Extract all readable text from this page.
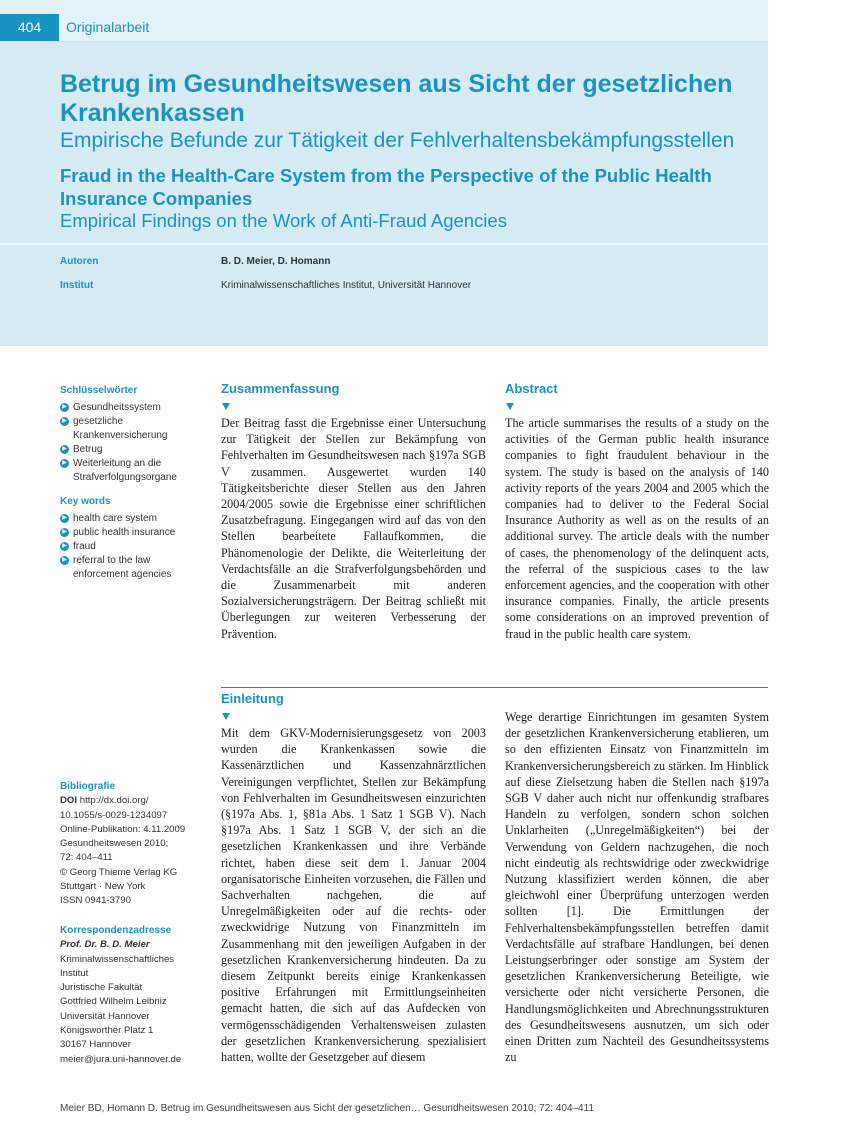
404	Originalarbeit
Betrug im Gesundheitswesen aus Sicht der gesetzlichen Krankenkassen
Empirische Befunde zur Tätigkeit der Fehlverhaltensbekämpfungsstellen
Fraud in the Health-Care System from the Perspective of the Public Health Insurance Companies
Empirical Findings on the Work of Anti-Fraud Agencies
Autoren	B. D. Meier, D. Homann
Institut	Kriminalwissenschaftliches Institut, Universität Hannover
Schlüsselwörter
▶ Gesundheitssystem
▶ gesetzliche Krankenversicherung
▶ Betrug
▶ Weiterleitung an die Strafverfolgungsorgane
Key words
▶ health care system
▶ public health insurance
▶ fraud
▶ referral to the law enforcement agencies
Zusammenfassung
Der Beitrag fasst die Ergebnisse einer Untersuchung zur Tätigkeit der Stellen zur Bekämpfung von Fehlverhalten im Gesundheitswesen nach §197a SGB V zusammen. Ausgewertet wurden 140 Tätigkeitsberichte dieser Stellen aus den Jahren 2004/2005 sowie die Ergebnisse einer schriftlichen Zusatzbefragung. Eingegangen wird auf das von den Stellen bearbeitete Fallaufkommen, die Phänomenologie der Delikte, die Weiterleitung der Verdachtsfälle an die Strafverfolgungsbehörden und die Zusammenarbeit mit anderen Sozialversicherungsträgern. Der Beitrag schließt mit Überlegungen zur weiteren Verbesserung der Prävention.
Abstract
The article summarises the results of a study on the activities of the German public health insurance companies to fight fraudulent behaviour in the system. The study is based on the analysis of 140 activity reports of the years 2004 and 2005 which the companies had to deliver to the Federal Social Insurance Authority as well as on the results of an additional survey. The article deals with the number of cases, the phenomenology of the delinquent acts, the referral of the suspicious cases to the law enforcement agencies, and the cooperation with other insurance companies. Finally, the article presents some considerations on an improved prevention of fraud in the public health care system.
Einleitung
Mit dem GKV-Modernisierungsgesetz von 2003 wurden die Krankenkassen sowie die Kassenärztlichen und Kassenzahnärztlichen Vereinigungen verpflichtet, Stellen zur Bekämpfung von Fehlverhalten im Gesundheitswesen einzurichten (§197a Abs. 1, §81a Abs. 1 Satz 1 SGB V). Nach §197a Abs. 1 Satz 1 SGB V, der sich an die gesetzlichen Krankenkassen und ihre Verbände richtet, haben diese seit dem 1. Januar 2004 organisatorische Einheiten vorzusehen, die Fällen und Sachverhalten nachgehen, die auf Unregelmäßigkeiten oder auf die rechts- oder zweckwidrige Nutzung von Finanzmitteln im Zusammenhang mit den jeweiligen Aufgaben in der gesetzlichen Krankenversicherung hindeuten. Da zu diesem Zeitpunkt bereits einige Krankenkassen positive Erfahrungen mit Ermittlungseinheiten gemacht hatten, die sich auf das Aufdecken von vermögensschädigenden Verhaltensweisen zulasten der gesetzlichen Krankenversicherung spezialisiert hatten, wollte der Gesetzgeber auf diesem
Wege derartige Einrichtungen im gesamten System der gesetzlichen Krankenversicherung etablieren, um so den effizienten Einsatz von Finanzmitteln im Krankenversicherungsbereich zu stärken. Im Hinblick auf diese Zielsetzung haben die Stellen nach §197a SGB V daher auch nicht nur offenkundig strafbares Handeln zu verfolgen, sondern schon solchen Unklarheiten („Unregelmäßigkeiten“) bei der Verwendung von Geldern nachzugehen, die noch nicht eindeutig als rechtswidrige oder zweckwidrige Nutzung klassifiziert werden können, die aber gleichwohl einer Überprüfung unterzogen werden sollten [1]. Die Ermittlungen der Fehlverhaltensbekämpfungsstellen betreffen damit Verdachtsfälle auf strafbare Handlungen, bei denen Leistungserbringer oder sonstige am System der gesetzlichen Krankenversicherung Beteiligte, wie versicherte oder nicht versicherte Personen, die Handlungsmöglichkeiten und Abrechnungsstrukturen des Gesundheitswesens ausnutzen, um sich oder einen Dritten zum Nachteil des Gesundheitssystems zu
Bibliografie
DOI http://dx.doi.org/
10.1055/s-0029-1234097
Online-Publikation: 4.11.2009
Gesundheitswesen 2010;
72: 404–411
© Georg Thieme Verlag KG
Stuttgart · New York
ISSN 0941-3790
Korrespondenzadresse
Prof. Dr. B. D. Meier
Kriminalwissenschaftliches
Institut
Juristische Fakultät
Gottfried Wilhelm Leibniz
Universität Hannover
Königsworther Platz 1
30167 Hannover
meier@jura.uni-hannover.de
Meier BD, Homann D. Betrug im Gesundheitswesen aus Sicht der gesetzlichen… Gesundheitswesen 2010; 72: 404–411
